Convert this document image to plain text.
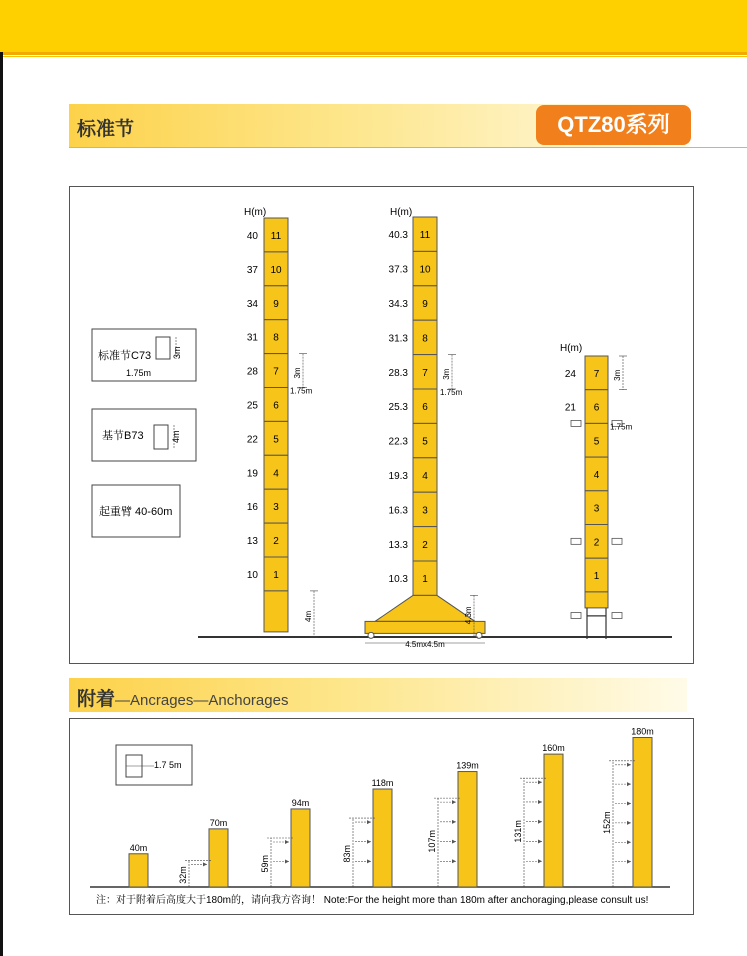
标准节	QTZ80系列
标准节C73 3m
1.75m
基节B73	4m
起重臂 40-60m
H(m)
11
10
9
8
7
6
5
4
3
2
1
40
37
34
31
28
25
22
19
16
13
10
3m
1.75m
4m
H(m)
11
10
9
8
7
6
5
4
3
2
1
40.3
37.3
34.3
31.3
28.3
25.3
22.3
19.3
16.3
13.3
10.3
3m
1.75m
4.3m
4.5mx4.5m
H(m)
7
6
5
4
3
2
1
24
21
3m
1.75m
附着—Ancrages—Anchorages
1.7 5m
40m
70m
32m
94m
59m
118m
83m
139m
107m
160m
131m
180m
152m
注：对于附着后高度大于180m的，请向我方咨询！ Note:For the height more than 180m after anchoraging,please consult us!
